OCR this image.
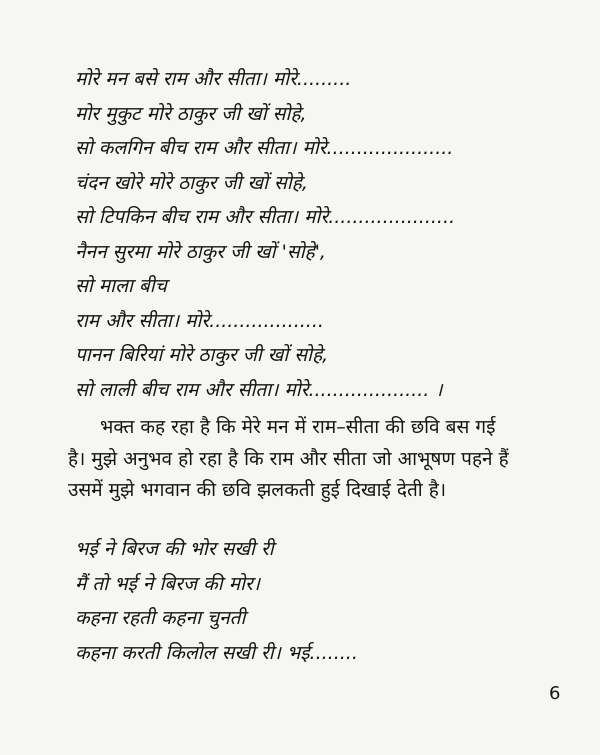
मोरे मन बसे राम और सीता। मोरे.........
मोर मुकुट मोरे ठाकुर जी खों सोहे,
सो कलगिन बीच राम और सीता। मोरे.....................
चंदन खोरे मोरे ठाकुर जी खों सोहे,
सो टिपकिन बीच राम और सीता। मोरे.....................
नैनन सुरमा मोरे ठाकुर जी खों 'सोहे',
सो माला बीच
राम और सीता। मोरे...................
पानन बिरियां मोरे ठाकुर जी खों सोहे,
सो लाली बीच राम और सीता। मोरे.................... ।
भक्त कह रहा है कि मेरे मन में राम–सीता की छवि बस गई
है। मुझे अनुभव हो रहा है कि राम और सीता जो आभूषण पहने हैं
उसमें मुझे भगवान की छवि झलकती हुई दिखाई देती है।
भई ने बिरज की भोर सखी री
मैं तो भई ने बिरज की मोर।
कहना रहती कहना चुनती
कहना करती किलोल सखी री। भई........
6
